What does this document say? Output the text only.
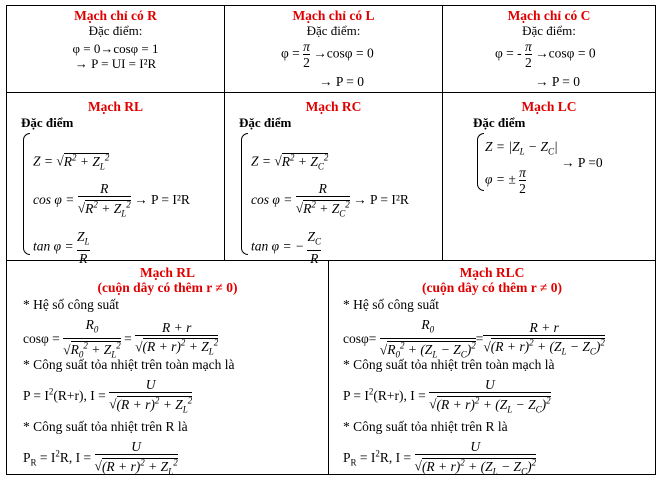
Mạch chỉ có R
Đặc điểm:
φ = 0→cosφ = 1
→ P = UI = I²R
Mạch chỉ có L
Đặc điểm:
$\varphi = \frac{\pi}{2} \to\cos\varphi = 0$
→ P = 0
Mạch chỉ có C
Đặc điểm:
φ = - $\frac{\pi}{2} \to\cos\varphi = 0$
→ P = 0
Mạch RL
Đặc điểm
$Z = √R^2 + Z_L^2$
$\cos \varphi = \frac{R}{√R^2 + Z_L^2} \to P = I^2R$
$\tan \varphi = \frac{Z_L}{R}$
Mạch RC
Đặc điểm
$Z = √R^2 + Z_C^2$
$\cos \varphi = \frac{R}{√R^2 + Z_C^2} \to P = I^2R$
tan φ = − $\frac{Z_C}{R}$
Mạch LC
Đặc điểm
$Z = |Z_L - Z_C|$
φ = ± $\frac{\pi}{2}$
→ P =0
Mạch RL
(cuộn dây có thêm r ≠ 0)
* Hệ số công suất
$\cos\varphi = \frac{R_0}{√R_0^2 + Z_L^2} = \frac{R + r}{√(R + r)^2 + Z_L^2}$
* Công suất tỏa nhiệt trên toàn mạch là
$P = I^2(R+r)$, $I = \frac{U}{√(R + r)^2 + Z_L^2}$
* Công suất tỏa nhiệt trên R là
$P_R = I^2R$, $I = \frac{U}{√(R + r)^2 + Z_L^2}$
Mạch RLC
(cuộn dây có thêm r ≠ 0)
* Hệ số công suất
$\cos\varphi= \frac{R_0}{√R_0^2 + (Z_L - Z_C)^2} = \frac{R + r}{√(R + r)^2 + (Z_L - Z_C)^2}$
* Công suất tỏa nhiệt trên toàn mạch là
$P = I^2(R+r)$, $I = \frac{U}{√(R + r)^2 + (Z_L - Z_C)^2}$
* Công suất tỏa nhiệt trên R là
$P_R = I^2R$, $I = \frac{U}{√(R + r)^2 + (Z_L - Z_C)^2}$
